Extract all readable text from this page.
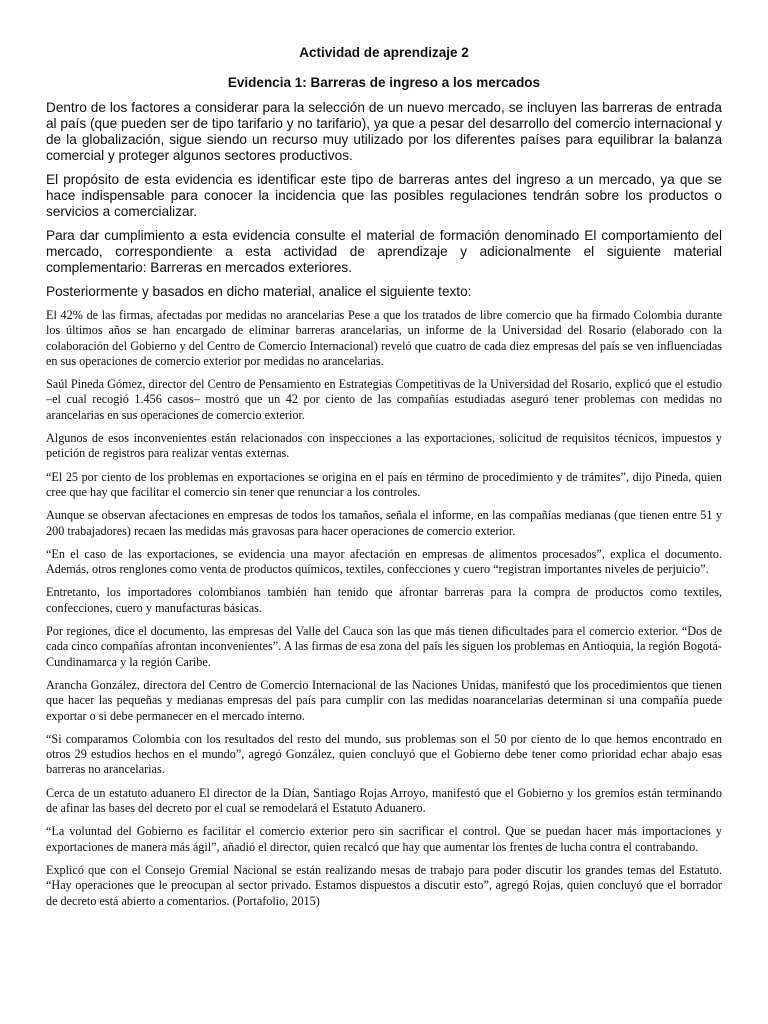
Actividad de aprendizaje 2
Evidencia 1: Barreras de ingreso a los mercados

Dentro de los factores a considerar para la selección de un nuevo mercado, se incluyen las barreras de entrada al país (que pueden ser de tipo tarifario y no tarifario), ya que a pesar del desarrollo del comercio internacional y de la globalización, sigue siendo un recurso muy utilizado por los diferentes países para equilibrar la balanza comercial y proteger algunos sectores productivos.

El propósito de esta evidencia es identificar este tipo de barreras antes del ingreso a un mercado, ya que se hace indispensable para conocer la incidencia que las posibles regulaciones tendrán sobre los productos o servicios a comercializar.

Para dar cumplimiento a esta evidencia consulte el material de formación denominado El comportamiento del mercado, correspondiente a esta actividad de aprendizaje y adicionalmente el siguiente material complementario: Barreras en mercados exteriores.

Posteriormente y basados en dicho material, analice el siguiente texto:

El 42% de las firmas, afectadas por medidas no arancelarias Pese a que los tratados de libre comercio que ha firmado Colombia durante los últimos años se han encargado de eliminar barreras arancelarias, un informe de la Universidad del Rosario (elaborado con la colaboración del Gobierno y del Centro de Comercio Internacional) reveló que cuatro de cada diez empresas del país se ven influenciadas en sus operaciones de comercio exterior por medidas no arancelarias.

Saúl Pineda Gómez, director del Centro de Pensamiento en Estrategias Competitivas de la Universidad del Rosario, explicó que el estudio –el cual recogió 1.456 casos– mostró que un 42 por ciento de las compañías estudiadas aseguró tener problemas con medidas no arancelarias en sus operaciones de comercio exterior.

Algunos de esos inconvenientes están relacionados con inspecciones a las exportaciones, solicitud de requisitos técnicos, impuestos y petición de registros para realizar ventas externas.

“El 25 por ciento de los problemas en exportaciones se origina en el país en término de procedimiento y de trámites”, dijo Pineda, quien cree que hay que facilitar el comercio sin tener que renunciar a los controles.

Aunque se observan afectaciones en empresas de todos los tamaños, señala el informe, en las compañías medianas (que tienen entre 51 y 200 trabajadores) recaen las medidas más gravosas para hacer operaciones de comercio exterior.

“En el caso de las exportaciones, se evidencia una mayor afectación en empresas de alimentos procesados”, explica el documento. Además, otros renglones como venta de productos químicos, textiles, confecciones y cuero “registran importantes niveles de perjuicio”.

Entretanto, los importadores colombianos también han tenido que afrontar barreras para la compra de productos como textiles, confecciones, cuero y manufacturas básicas.

Por regiones, dice el documento, las empresas del Valle del Cauca son las que más tienen dificultades para el comercio exterior. “Dos de cada cinco compañías afrontan inconvenientes”. A las firmas de esa zona del país les siguen los problemas en Antioquia, la región Bogotá-Cundinamarca y la región Caribe.

Arancha González, directora del Centro de Comercio Internacional de las Naciones Unidas, manifestó que los procedimientos que tienen que hacer las pequeñas y medianas empresas del país para cumplir con las medidas noarancelarias determinan si una compañía puede exportar o si debe permanecer en el mercado interno.

“Si comparamos Colombia con los resultados del resto del mundo, sus problemas son el 50 por ciento de lo que hemos encontrado en otros 29 estudios hechos en el mundo”, agregó González, quien concluyó que el Gobierno debe tener como prioridad echar abajo esas barreras no arancelarias.

Cerca de un estatuto aduanero El director de la Dian, Santiago Rojas Arroyo, manifestó que el Gobierno y los gremios están terminando de afinar las bases del decreto por el cual se remodelará el Estatuto Aduanero.

“La voluntad del Gobierno es facilitar el comercio exterior pero sin sacrificar el control. Que se puedan hacer más importaciones y exportaciones de manera más ágil”, añadió el director, quien recalcó que hay que aumentar los frentes de lucha contra el contrabando.

Explicó que con el Consejo Gremial Nacional se están realizando mesas de trabajo para poder discutir los grandes temas del Estatuto. “Hay operaciones que le preocupan al sector privado. Estamos dispuestos a discutir esto”, agregó Rojas, quien concluyó que el borrador de decreto está abierto a comentarios. (Portafolio, 2015)
